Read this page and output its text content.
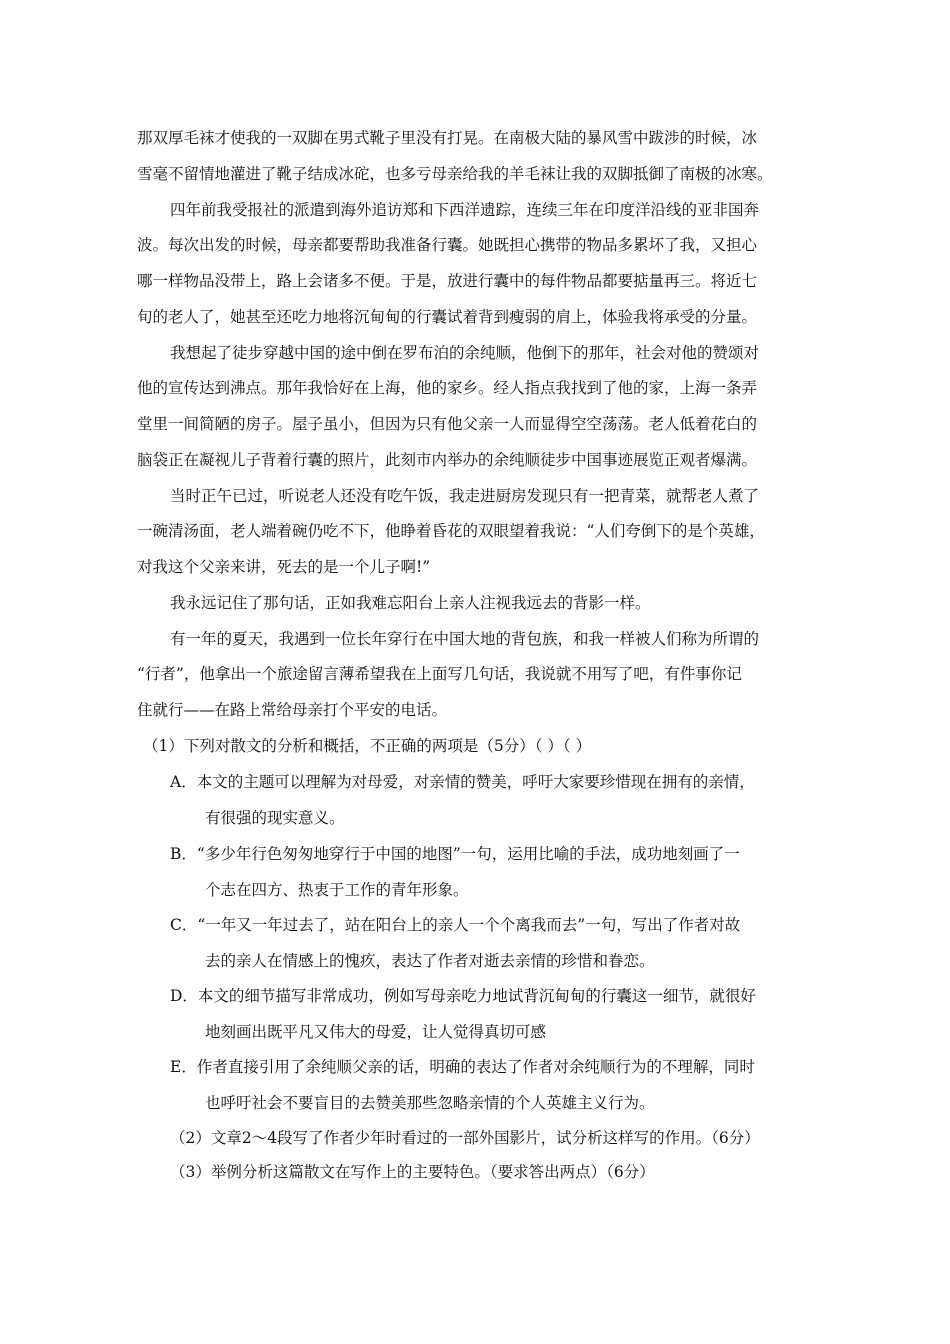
那双厚毛袜才使我的一双脚在男式靴子里没有打晃。在南极大陆的暴风雪中跋涉的时候，冰
雪毫不留情地灌进了靴子结成冰砣，也多亏母亲给我的羊毛袜让我的双脚抵御了南极的冰寒。
四年前我受报社的派遣到海外追访郑和下西洋遗踪，连续三年在印度洋沿线的亚非国奔
波。每次出发的时候，母亲都要帮助我准备行囊。她既担心携带的物品多累坏了我，又担心
哪一样物品没带上，路上会诸多不便。于是，放进行囊中的每件物品都要掂量再三。将近七
旬的老人了，她甚至还吃力地将沉甸甸的行囊试着背到瘦弱的肩上，体验我将承受的分量。
我想起了徒步穿越中国的途中倒在罗布泊的余纯顺，他倒下的那年，社会对他的赞颂对
他的宣传达到沸点。那年我恰好在上海，他的家乡。经人指点我找到了他的家，上海一条弄
堂里一间简陋的房子。屋子虽小，但因为只有他父亲一人而显得空空荡荡。老人低着花白的
脑袋正在凝视儿子背着行囊的照片，此刻市内举办的余纯顺徒步中国事迹展览正观者爆满。
当时正午已过，听说老人还没有吃午饭，我走进厨房发现只有一把青菜，就帮老人煮了
一碗清汤面，老人端着碗仍吃不下，他睁着昏花的双眼望着我说：“人们夸倒下的是个英雄，
对我这个父亲来讲，死去的是一个儿子啊!”
我永远记住了那句话，正如我难忘阳台上亲人注视我远去的背影一样。
有一年的夏天，我遇到一位长年穿行在中国大地的背包族，和我一样被人们称为所谓的
“行者”，他拿出一个旅途留言薄希望我在上面写几句话，我说就不用写了吧，有件事你记
住就行——在路上常给母亲打个平安的电话。
（1）下列对散文的分析和概括，不正确的两项是（5分）（ ）（ ）
A．本文的主题可以理解为对母爱，对亲情的赞美，呼吁大家要珍惜现在拥有的亲情，
有很强的现实意义。
B．“多少年行色匆匆地穿行于中国的地图”一句，运用比喻的手法，成功地刻画了一
个志在四方、热衷于工作的青年形象。
C．“一年又一年过去了，站在阳台上的亲人一个个离我而去”一句，写出了作者对故
去的亲人在情感上的愧疚，表达了作者对逝去亲情的珍惜和眷恋。
D．本文的细节描写非常成功，例如写母亲吃力地试背沉甸甸的行囊这一细节，就很好
地刻画出既平凡又伟大的母爱，让人觉得真切可感
E．作者直接引用了余纯顺父亲的话，明确的表达了作者对余纯顺行为的不理解，同时
也呼吁社会不要盲目的去赞美那些忽略亲情的个人英雄主义行为。
（2）文章2～4段写了作者少年时看过的一部外国影片，试分析这样写的作用。（6分）
（3）举例分析这篇散文在写作上的主要特色。（要求答出两点）（6分）
